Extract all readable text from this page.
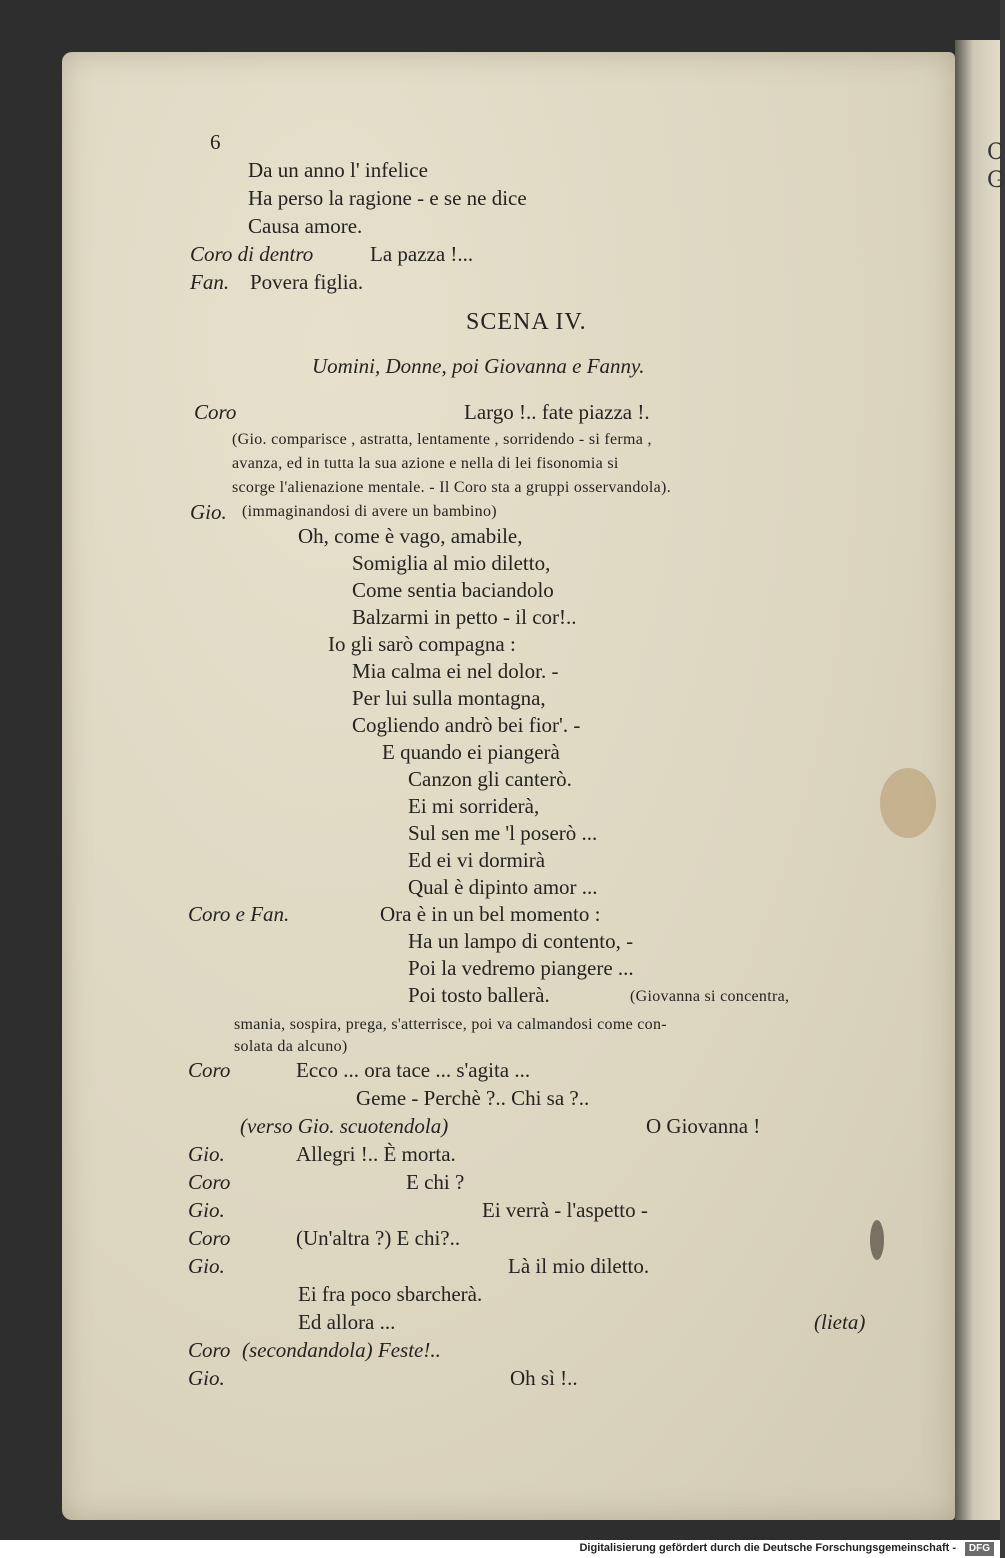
C
G
6
Da un anno l' infelice
Ha perso la ragione - e se ne dice
Causa amore.
Coro di dentro	La pazza !...
Fan. Povera figlia.
SCENA IV.
Uomini, Donne, poi Giovanna e Fanny.
Coro	Largo !.. fate piazza !.
(Gio. comparisce , astratta, lentamente , sorridendo - si ferma ,
avanza, ed in tutta la sua azione e nella di lei fisonomia si
scorge l'alienazione mentale. - Il Coro sta a gruppi osservandola).
Gio. (immaginandosi di avere un bambino)
Oh, come è vago, amabile,
Somiglia al mio diletto,
Come sentia baciandolo
Balzarmi in petto - il cor!..
Io gli sarò compagna :
Mia calma ei nel dolor. -
Per lui sulla montagna,
Cogliendo andrò bei fior'. -
E quando ei piangerà
Canzon gli canterò.
Ei mi sorriderà,
Sul sen me 'l poserò ...
Ed ei vi dormirà
Qual è dipinto amor ...
Coro e Fan.	Ora è in un bel momento :
Ha un lampo di contento, -
Poi la vedremo piangere ...
Poi tosto ballerà.	(Giovanna si concentra,
smania, sospira, prega, s'atterrisce, poi va calmandosi come con-
solata da alcuno)
Coro	Ecco ... ora tace ... s'agita ...
Geme - Perchè ?.. Chi sa ?..
(verso Gio. scuotendola)	O Giovanna !
Gio.	Allegri !.. È morta.
Coro	E chi ?
Gio.	Ei verrà - l'aspetto -
Coro	(Un'altra ?) E chi?..
Gio.	Là il mio diletto.
Ei fra poco sbarcherà.
Ed allora ...	(lieta)
Coro (secondandola) Feste!..
Gio.	Oh sì !..
Digitalisierung gefördert durch die Deutsche Forschungsgemeinschaft -	DFG
